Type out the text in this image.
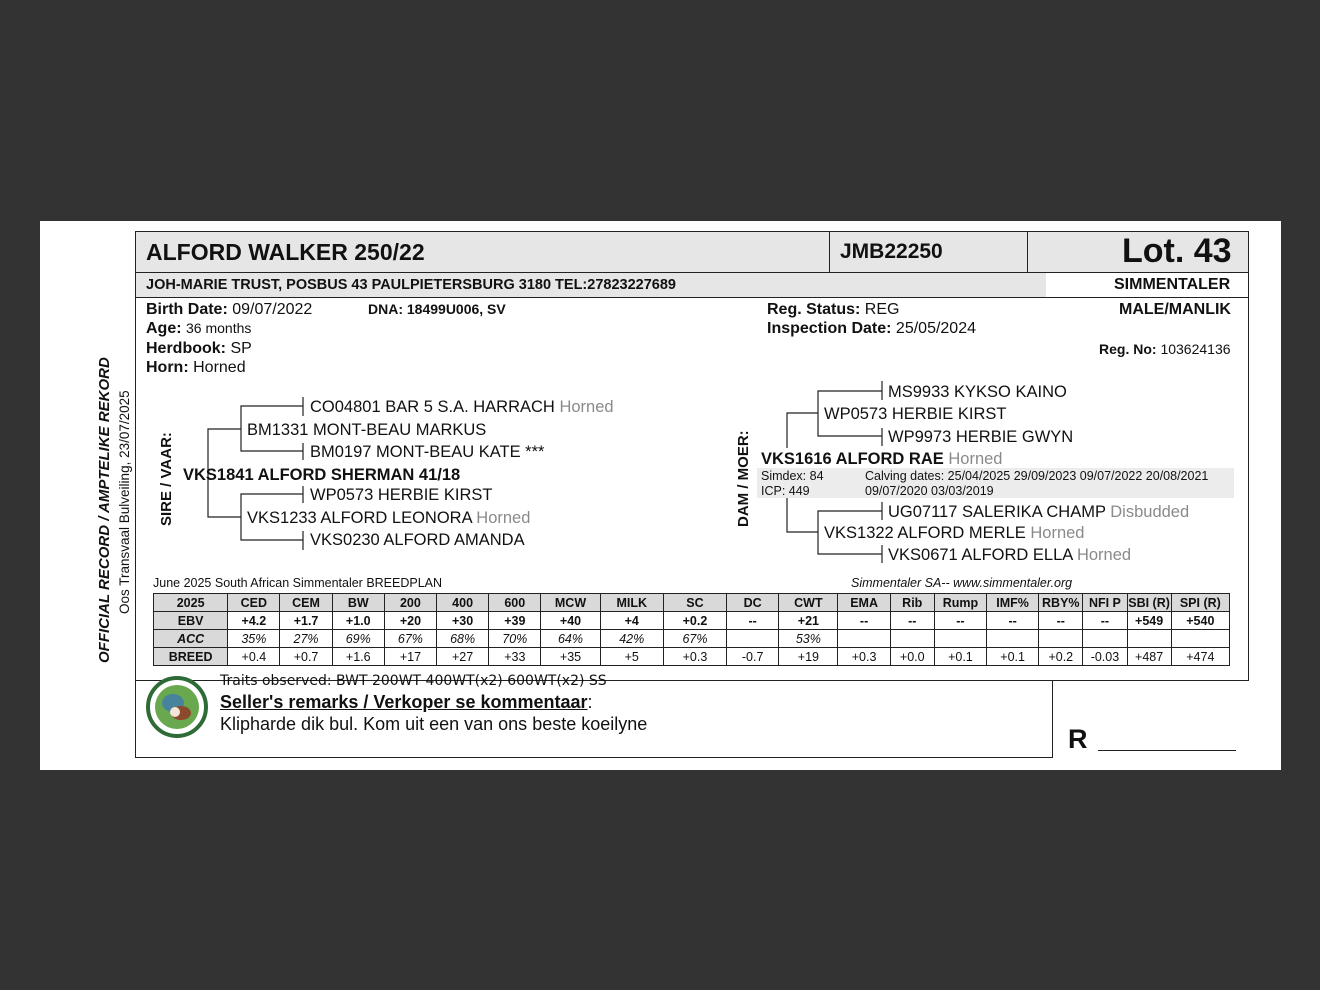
OFFICIAL RECORD / AMPTELIKE REKORD Oos Transvaal Bulveiling, 23/07/2025
ALFORD WALKER 250/22	JMB22250	Lot. 43
JOH-MARIE TRUST, POSBUS 43 PAULPIETERSBURG 3180 TEL:27823227689	SIMMENTALER
Birth Date: 09/07/2022	DNA: 18499U006, SV
Age: 36 months
Herdbook: SP
Horn: Horned
Reg. Status: REG
Inspection Date: 25/05/2024
MALE/MANLIK
Reg. No: 103624136
SIRE / VAAR:	DAM / MOER:
CO04801 BAR 5 S.A. HARRACH Horned
BM1331 MONT-BEAU MARKUS
BM0197 MONT-BEAU KATE ***
VKS1841 ALFORD SHERMAN 41/18
WP0573 HERBIE KIRST
VKS1233 ALFORD LEONORA Horned
VKS0230 ALFORD AMANDA
MS9933 KYKSO KAINO
WP0573 HERBIE KIRST
WP9973 HERBIE GWYN
VKS1616 ALFORD RAE Horned
Simdex: 84
ICP: 449
Calving dates: 25/04/2025 29/09/2023 09/07/2022 20/08/2021
09/07/2020 03/03/2019
UG07117 SALERIKA CHAMP Disbudded
VKS1322 ALFORD MERLE Horned
VKS0671 ALFORD ELLA Horned
June 2025 South African Simmentaler BREEDPLAN	Simmentaler SA-- www.simmentaler.org
2025	CED	CEM	BW	200	400	600	MCW	MILK	SC	DC	CWT	EMA	Rib	Rump	IMF%	RBY%	NFI P	SBI (R)	SPI (R)
EBV	+4.2	+1.7	+1.0	+20	+30	+39	+40	+4	+0.2	--	+21	--	--	--	--	--	--	+549	+540
ACC	35%	27%	69%	67%	68%	70%	64%	42%	67%		53%								
BREED	+0.4	+0.7	+1.6	+17	+27	+33	+35	+5	+0.3	-0.7	+19	+0.3	+0.0	+0.1	+0.1	+0.2	-0.03	+487	+474
Traits observed: BWT 200WT 400WT(x2) 600WT(x2) SS
Seller's remarks / Verkoper se kommentaar:
Klipharde dik bul. Kom uit een van ons beste koeilyne	R
